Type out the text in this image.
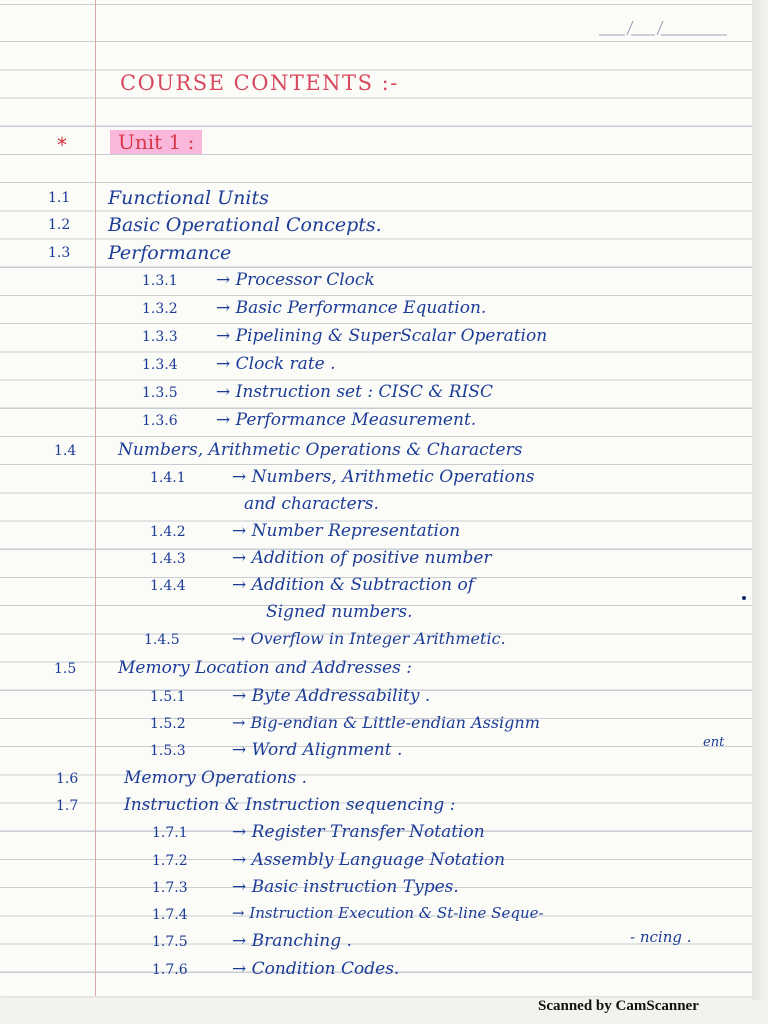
COURSE CONTENTS :-
*	Unit 1 :
1.1 Functional Units
1.2 Basic Operational Concepts.
1.3 Performance
1.3.1 → Processor Clock
1.3.2 → Basic Performance Equation.
1.3.3 → Pipelining & SuperScalar Operation
1.3.4 → Clock rate .
1.3.5 → Instruction set : CISC & RISC
1.3.6 → Performance Measurement.
1.4 Numbers, Arithmetic Operations & Characters
1.4.1	→ Numbers, Arithmetic Operations
and characters.
1.4.2	→ Number Representation
1.4.3	→ Addition of positive number
1.4.4	→ Addition & Subtraction of
Signed numbers.
1.4.5	→ Overflow in Integer Arithmetic.
1.5 Memory Location and Addresses :
1.5.1	→ Byte Addressability .
1.5.2	→ Big-endian & Little-endian Assignm
ent
1.5.3	→ Word Alignment .
1.6	Memory Operations .
1.7	Instruction & Instruction sequencing :
1.7.1	→ Register Transfer Notation
1.7.2	→ Assembly Language Notation
1.7.3	→ Basic instruction Types.
1.7.4	→ Instruction Execution & St-line Seque-
1.7.5	→ Branching .	- ncing .
1.7.6	→ Condition Codes.
Scanned by CamScanner
